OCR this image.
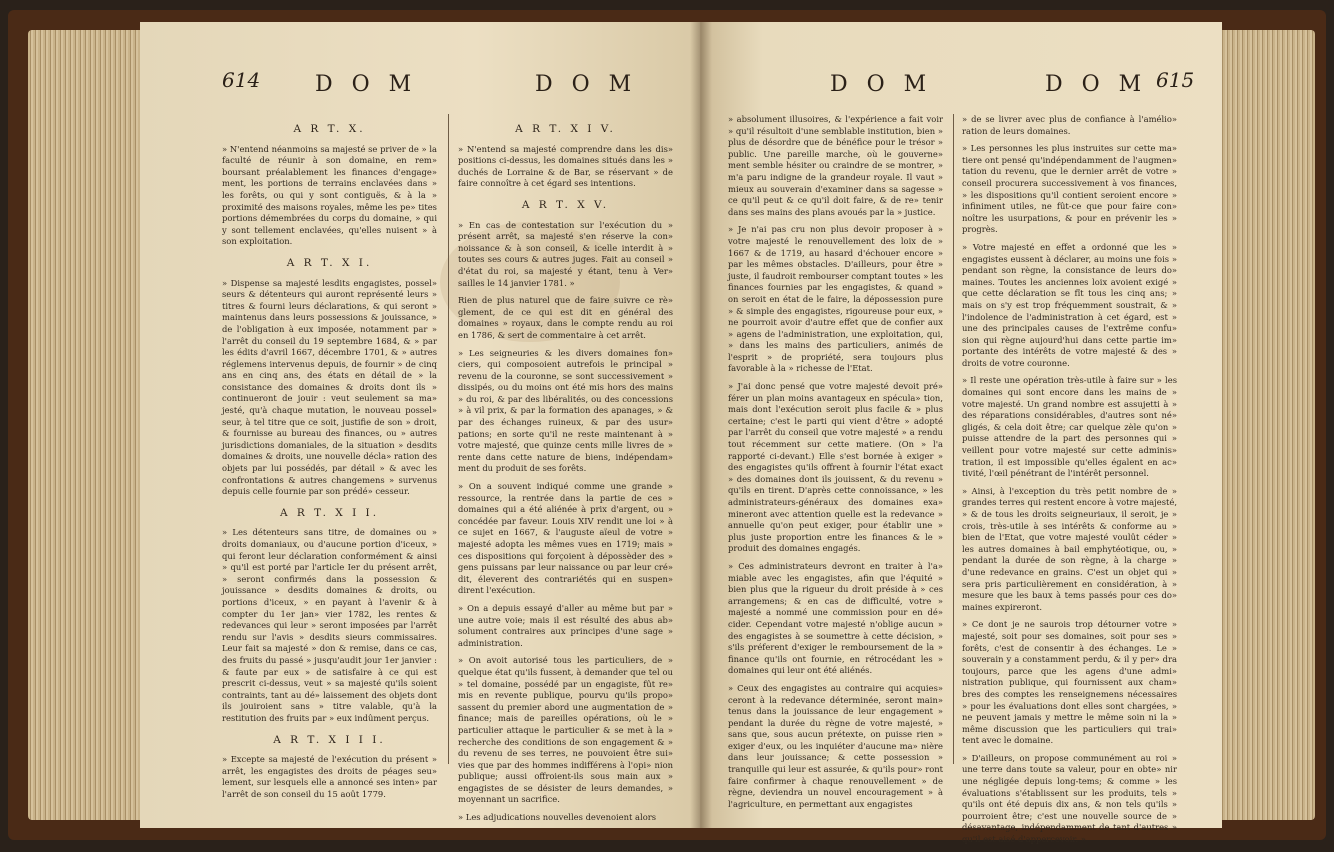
614 D O M	D O M
A R T. X.

» N'entend néanmoins sa majesté se priver de » la faculté de réunir à son domaine, en rem» boursant préalablement les finances d'engage» ment, les portions de terrains enclavées dans » les forêts, ou qui y sont contiguës, & à la » proximité des maisons royales, même les pe» tites portions démembrées du corps du domaine, » qui y sont tellement enclavées, qu'elles nuisent » à son exploitation.

A R T. X I.

» Dispense sa majesté lesdits engagistes, possel» seurs & détenteurs qui auront représenté leurs » titres & fourni leurs déclarations, & qui seront » maintenus dans leurs possessions & jouissance, » de l'obligation à eux imposée, notamment par » l'arrêt du conseil du 19 septembre 1684, & » par les édits d'avril 1667, décembre 1701, & » autres réglemens intervenus depuis, de fournir » de cinq ans en cinq ans, des états en détail de » la consistance des domaines & droits dont ils » continueront de jouir : veut seulement sa ma» jesté, qu'à chaque mutation, le nouveau possel» seur, à tel titre que ce soit, justifie de son » droit, & fournisse au bureau des finances, ou » autres jurisdictions domaniales, de la situation » desdits domaines & droits, une nouvelle décla» ration des objets par lui possédés, par détail » & avec les confrontations & autres changemens » survenus depuis celle fournie par son prédé» cesseur.

A R T. X I I.

» Les détenteurs sans titre, de domaines ou » droits domaniaux, ou d'aucune portion d'iceux, » qui feront leur déclaration conformément & ainsi » qu'il est porté par l'article Ier du présent arrêt, » seront confirmés dans la possession & jouissance » desdits domaines & droits, ou portions d'iceux, » en payant à l'avenir & à compter du 1er jan» vier 1782, les rentes & redevances qui leur » seront imposées par l'arrêt rendu sur l'avis » desdits sieurs commissaires. Leur fait sa majesté » don & remise, dans ce cas, des fruits du passé » jusqu'audit jour 1er janvier : & faute par eux » de satisfaire à ce qui est prescrit ci-dessus, veut » sa majesté qu'ils soient contraints, tant au dé» laissement des objets dont ils jouiroient sans » titre valable, qu'à la restitution des fruits par » eux indûment perçus.

A R T. X I I I.

» Excepte sa majesté de l'exécution du présent » arrêt, les engagistes des droits de péages seu» lement, sur lesquels elle a annoncé ses inten» par l'arrêt de son conseil du 15 août 1779.

A R T. X I V.

» N'entend sa majesté comprendre dans les dis» positions ci-dessus, les domaines situés dans les » duchés de Lorraine & de Bar, se réservant » de faire connoître à cet égard ses intentions.

A R T. X V.

» En cas de contestation sur l'exécution du » présent arrêt, sa majesté s'en réserve la con» noissance & à son conseil, & icelle interdit à » toutes ses cours & autres juges. Fait au conseil » d'état du roi, sa majesté y étant, tenu à Ver» sailles le 14 janvier 1781. »

Rien de plus naturel que de faire suivre ce rè» glement, de ce qui est dit en général des domaines » royaux, dans le compte rendu au roi en 1786, & sert de commentaire à cet arrêt.

» Les seigneuries & les divers domaines fon» ciers, qui composoient autrefois le principal » revenu de la couronne, se sont successivement » dissipés, ou du moins ont été mis hors des mains » du roi, & par des libéralités, ou des concessions » à vil prix, & par la formation des apanages, » & par des échanges ruineux, & par des usur» pations; en sorte qu'il ne reste maintenant à » votre majesté, que quinze cents mille livres de » rente dans cette nature de biens, indépendam» ment du produit de ses forêts.

» On a souvent indiqué comme une grande » ressource, la rentrée dans la partie de ces » domaines qui a été aliénée à prix d'argent, ou » concédée par faveur. Louis XIV rendit une loi » à ce sujet en 1667, & l'auguste aïeul de votre » majesté adopta les mêmes vues en 1719; mais » ces dispositions qui forçoient à dépossèder des » gens puissans par leur naissance ou par leur cré» dit, éleverent des contrariétés qui en suspen» dirent l'exécution.

» On a depuis essayé d'aller au même but par » une autre voie; mais il est résulté des abus ab» solument contraires aux principes d'une sage » administration.

» On avoit autorisé tous les particuliers, de » quelque état qu'ils fussent, à demander que tel ou » tel domaine, possédé par un engagiste, fût re» mis en revente publique, pourvu qu'ils propo» sassent du premier abord une augmentation de » finance; mais de pareilles opérations, où le » particulier attaque le particulier & se met à la » recherche des conditions de son engagement & » du revenu de ses terres, ne pouvoient être sui» vies que par des hommes indifférens à l'opi» nion publique; aussi offroient-ils sous main aux » engagistes de se désister de leurs demandes, » moyennant un sacrifice.

» Les adjudications nouvelles devenoient alors

D O M	D O M 615

» absolument illusoires, & l'expérience a fait voir » qu'il résultoit d'une semblable institution, bien » plus de désordre que de bénéfice pour le trésor » public. Une pareille marche, où le gouverne» ment semble hésiter ou craindre de se montrer, » m'a paru indigne de la grandeur royale. Il vaut » mieux au souverain d'examiner dans sa sagesse » ce qu'il peut & ce qu'il doit faire, & de re» tenir dans ses mains des plans avoués par la » justice.

» Je n'ai pas cru non plus devoir proposer à » votre majesté le renouvellement des loix de » 1667 & de 1719, au hasard d'échouer encore » par les mêmes obstacles. D'ailleurs, pour être » juste, il faudroit rembourser comptant toutes » les finances fournies par les engagistes, & quand » on seroit en état de le faire, la dépossession pure » & simple des engagistes, rigoureuse pour eux, » ne pourroit avoir d'autre effet que de confier aux » agens de l'administration, une exploitation, qui, » dans les mains des particuliers, animés de l'esprit » de propriété, sera toujours plus favorable à la » richesse de l'Etat.

» J'ai donc pensé que votre majesté devoit pré» férer un plan moins avantageux en spécula» tion, mais dont l'exécution seroit plus facile & » plus certaine; c'est le parti qui vient d'être » adopté par l'arrêt du conseil que votre majesté » a rendu tout récemment sur cette matiere. (On » l'a rapporté ci-devant.) Elle s'est bornée à exiger » des engagistes qu'ils offrent à fournir l'état exact » des domaines dont ils jouissent, & du revenu » qu'ils en tirent. D'après cette connoissance, » les administrateurs-généraux des domaines exa» mineront avec attention quelle est la redevance » annuelle qu'on peut exiger, pour établir une » plus juste proportion entre les finances & le » produit des domaines engagés.

» Ces administrateurs devront en traiter à l'a» miable avec les engagistes, afin que l'équité » bien plus que la rigueur du droit préside à » ces arrangemens; & en cas de difficulté, votre » majesté a nommé une commission pour en dé» cider. Cependant votre majesté n'oblige aucun » des engagistes à se soumettre à cette décision, » s'ils préferent d'exiger le remboursement de la » finance qu'ils ont fournie, en rétrocédant les » domaines qui leur ont été aliénés.

» Ceux des engagistes au contraire qui acquies» ceront à la redevance déterminée, seront main» tenus dans la jouissance de leur engagement » pendant la durée du règne de votre majesté, » sans que, sous aucun prétexte, on puisse rien » exiger d'eux, ou les inquiéter d'aucune ma» nière dans leur jouissance; & cette possession » tranquille qui leur est assurée, & qu'ils pour» ront faire confirmer à chaque renouvellement » de règne, deviendra un nouvel encouragement » à l'agriculture, en permettant aux engagistes

» de se livrer avec plus de confiance à l'amélio» ration de leurs domaines.

» Les personnes les plus instruites sur cette ma» tiere ont pensé qu'indépendamment de l'augmen» tation du revenu, que le dernier arrêt de votre » conseil procurera successivement à vos finances, » les dispositions qu'il contient seroient encore » infiniment utiles, ne fût-ce que pour faire con» noître les usurpations, & pour en prévenir les » progrès.

» Votre majesté en effet a ordonné que les » engagistes eussent à déclarer, au moins une fois » pendant son règne, la consistance de leurs do» maines. Toutes les anciennes loix avoient exigé » que cette déclaration se fît tous les cinq ans; » mais on s'y est trop fréquemment soustrait, & » l'indolence de l'administration à cet égard, est » une des principales causes de l'extrême confu» sion qui règne aujourd'hui dans cette partie im» portante des intérêts de votre majesté & des » droits de votre couronne.

» Il reste une opération très-utile à faire sur » les domaines qui sont encore dans les mains de » votre majesté. Un grand nombre est assujetti à » des réparations considérables, d'autres sont né» gligés, & cela doit être; car quelque zèle qu'on » puisse attendre de la part des personnes qui » veillent pour votre majesté sur cette adminis» tration, il est impossible qu'elles égalent en ac» tivité, l'œil pénétrant de l'intérêt personnel.

» Ainsi, à l'exception du très petit nombre de » grandes terres qui restent encore à votre majesté, » & de tous les droits seigneuriaux, il seroit, je » crois, très-utile à ses intérêts & conforme au » bien de l'Etat, que votre majesté voulût céder » les autres domaines à bail emphytéotique, ou, » pendant la durée de son règne, à la charge » d'une redevance en grains. C'est un objet qui » sera pris particulièrement en considération, à » mesure que les baux à tems passés pour ces do» maines expireront.

» Ce dont je ne saurois trop détourner votre » majesté, soit pour ses domaines, soit pour ses » forêts, c'est de consentir à des échanges. Le » souverain y a constamment perdu, & il y per» dra toujours, parce que les agens d'une admi» nistration publique, qui fournissent aux cham» bres des comptes les renseignemens nécessaires » pour les évaluations dont elles sont chargées, » ne peuvent jamais y mettre le même soin ni la » même discussion que les particuliers qui trai» tent avec le domaine.

» D'ailleurs, on propose communément au roi » une terre dans toute sa valeur, pour en obte» nir une négligée depuis long-tems; & comme » les évaluations s'établissent sur les produits, tels » qu'ils ont été depuis dix ans, & non tels qu'ils » pourroient être; c'est une nouvelle source de » désavantage, indépendamment de tant d'autres » qu'il est aisé d'appercevoir. »
